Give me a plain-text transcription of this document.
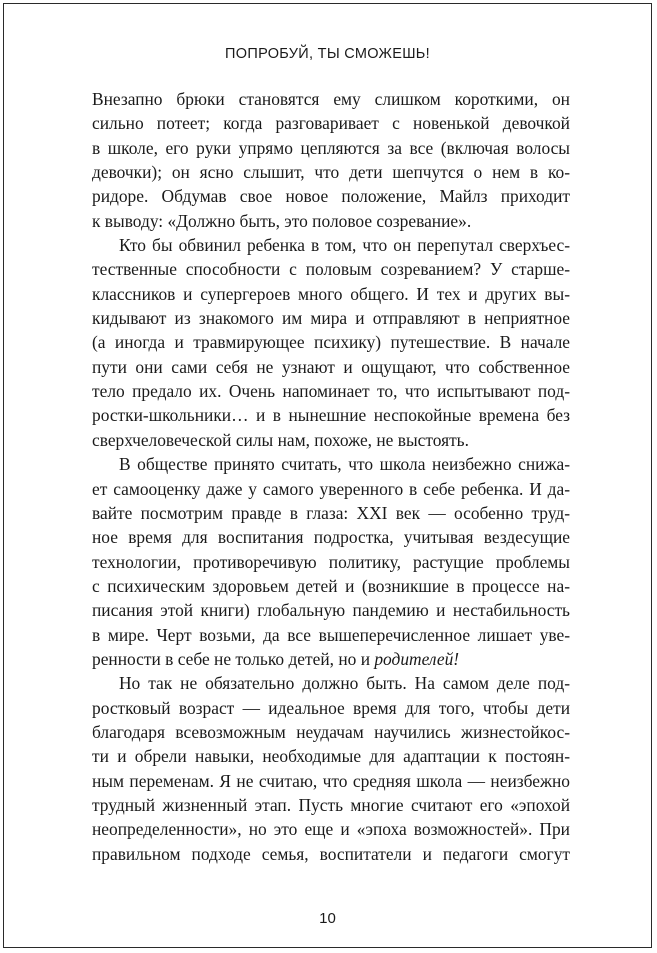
ПОПРОБУЙ, ТЫ СМОЖЕШЬ!

Внезапно брюки становятся ему слишком короткими, он
сильно потеет; когда разговаривает с новенькой девочкой
в школе, его руки упрямо цепляются за все (включая волосы
девочки); он ясно слышит, что дети шепчутся о нем в ко-
ридоре. Обдумав свое новое положение, Майлз приходит
к выводу: «Должно быть, это половое созревание».

Кто бы обвинил ребенка в том, что он перепутал сверхъес-
тественные способности с половым созреванием? У старше-
классников и супергероев много общего. И тех и других вы-
кидывают из знакомого им мира и отправляют в неприятное
(а иногда и травмирующее психику) путешествие. В начале
пути они сами себя не узнают и ощущают, что собственное
тело предало их. Очень напоминает то, что испытывают под-
ростки-школьники… и в нынешние неспокойные времена без
сверхчеловеческой силы нам, похоже, не выстоять.

В обществе принято считать, что школа неизбежно снижа-
ет самооценку даже у самого уверенного в себе ребенка. И да-
вайте посмотрим правде в глаза: XXI век — особенно труд-
ное время для воспитания подростка, учитывая вездесущие
технологии, противоречивую политику, растущие проблемы
с психическим здоровьем детей и (возникшие в процессе на-
писания этой книги) глобальную пандемию и нестабильность
в мире. Черт возьми, да все вышеперечисленное лишает уве-
ренности в себе не только детей, но и родителей!

Но так не обязательно должно быть. На самом деле под-
ростковый возраст — идеальное время для того, чтобы дети
благодаря всевозможным неудачам научились жизнестойкос-
ти и обрели навыки, необходимые для адаптации к постоян-
ным переменам. Я не считаю, что средняя школа — неизбежно
трудный жизненный этап. Пусть многие считают его «эпохой
неопределенности», но это еще и «эпоха возможностей». При
правильном подходе семья, воспитатели и педагоги смогут

10
